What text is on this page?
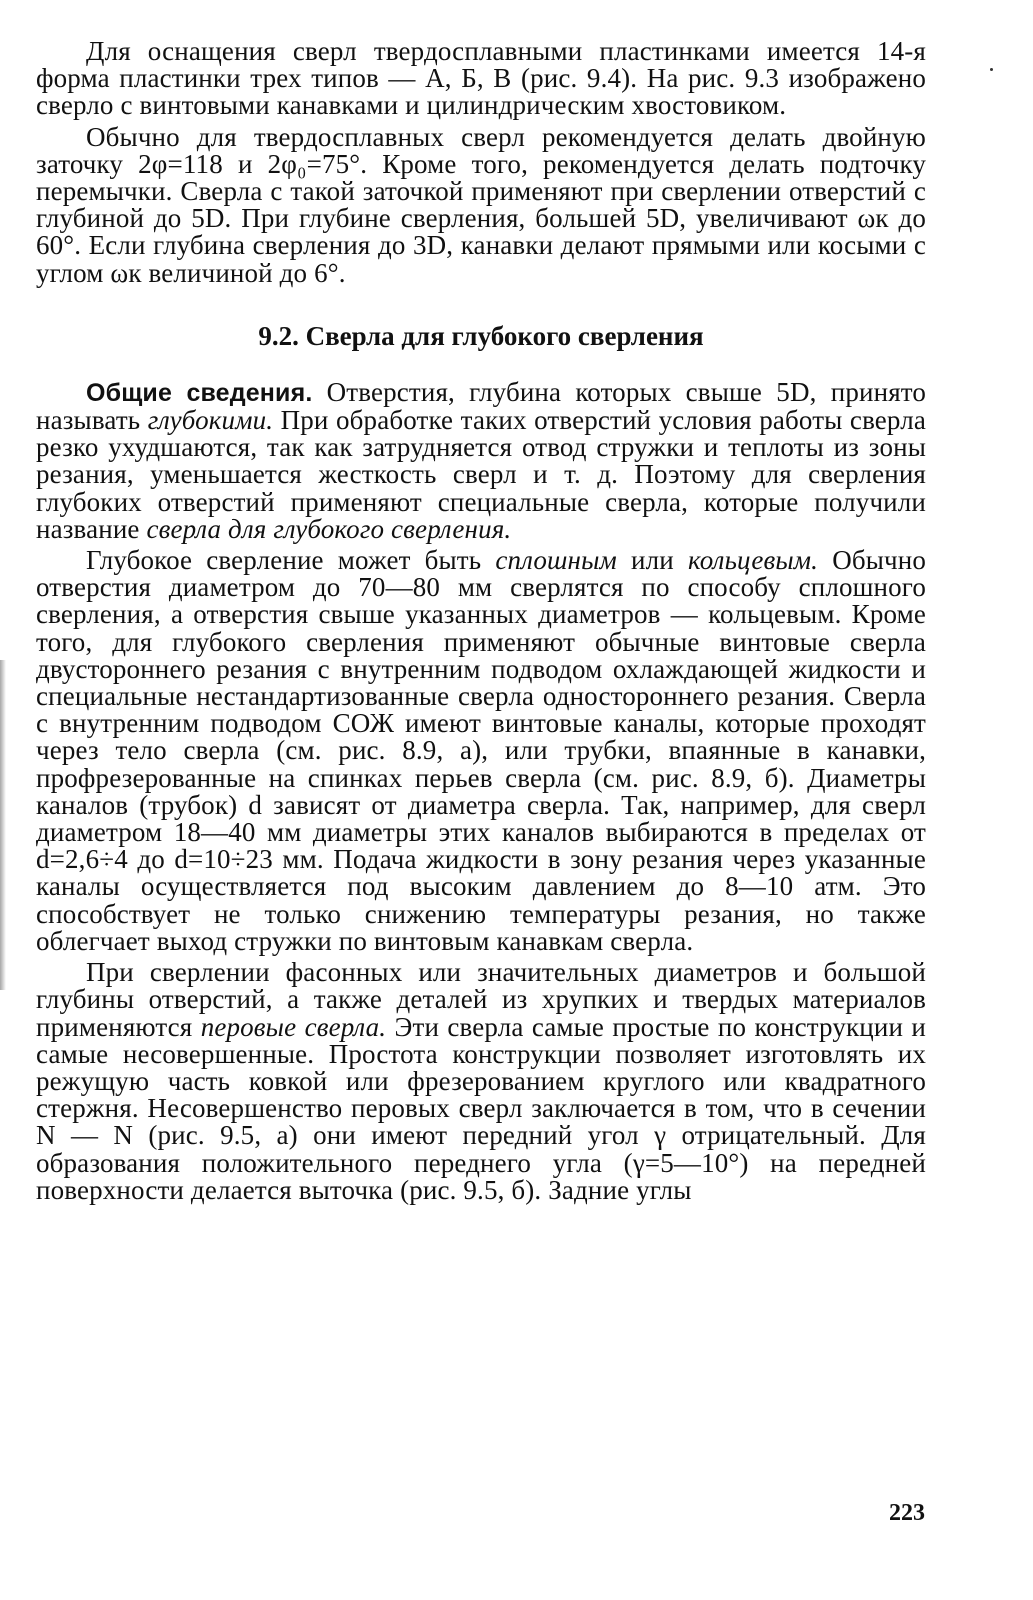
Для оснащения сверл твердосплавными пластинками имеется 14-я форма пластинки трех типов — А, Б, В (рис. 9.4). На рис. 9.3 изображено сверло с винтовыми канавками и цилиндрическим хвостовиком.

Обычно для твердосплавных сверл рекомендуется делать двойную заточку 2φ=118 и 2φ₀=75°. Кроме того, рекомендуется делать подточку перемычки. Сверла с такой заточкой применяют при сверлении отверстий с глубиной до 5D. При глубине сверления, большей 5D, увеличивают ωк до 60°. Если глубина сверления до 3D, канавки делают прямыми или косыми с углом ωк величиной до 6°.

9.2. Сверла для глубокого сверления

Общие сведения. Отверстия, глубина которых свыше 5D, принято называть глубокими. При обработке таких отверстий условия работы сверла резко ухудшаются, так как затрудняется отвод стружки и теплоты из зоны резания, уменьшается жесткость сверл и т. д. Поэтому для сверления глубоких отверстий применяют специальные сверла, которые получили название сверла для глубокого сверления.

Глубокое сверление может быть сплошным или кольцевым. Обычно отверстия диаметром до 70—80 мм сверлятся по способу сплошного сверления, а отверстия свыше указанных диаметров — кольцевым. Кроме того, для глубокого сверления применяют обычные винтовые сверла двустороннего резания с внутренним подводом охлаждающей жидкости и специальные нестандартизованные сверла одностороннего резания. Сверла с внутренним подводом СОЖ имеют винтовые каналы, которые проходят через тело сверла (см. рис. 8.9, а), или трубки, впаянные в канавки, профрезерованные на спинках перьев сверла (см. рис. 8.9, б). Диаметры каналов (трубок) d зависят от диаметра сверла. Так, например, для сверл диаметром 18—40 мм диаметры этих каналов выбираются в пределах от d=2,6÷4 до d=10÷23 мм. Подача жидкости в зону резания через указанные каналы осуществляется под высоким давлением до 8—10 атм. Это способствует не только снижению температуры резания, но также облегчает выход стружки по винтовым канавкам сверла.

При сверлении фасонных или значительных диаметров и большой глубины отверстий, а также деталей из хрупких и твердых материалов применяются перовые сверла. Эти сверла самые простые по конструкции и самые несовершенные. Простота конструкции позволяет изготовлять их режущую часть ковкой или фрезерованием круглого или квадратного стержня. Несовершенство перовых сверл заключается в том, что в сечении N — N (рис. 9.5, а) они имеют передний угол γ отрицательный. Для образования положительного переднего угла (γ=5—10°) на передней поверхности делается выточка (рис. 9.5, б). Задние углы

223
